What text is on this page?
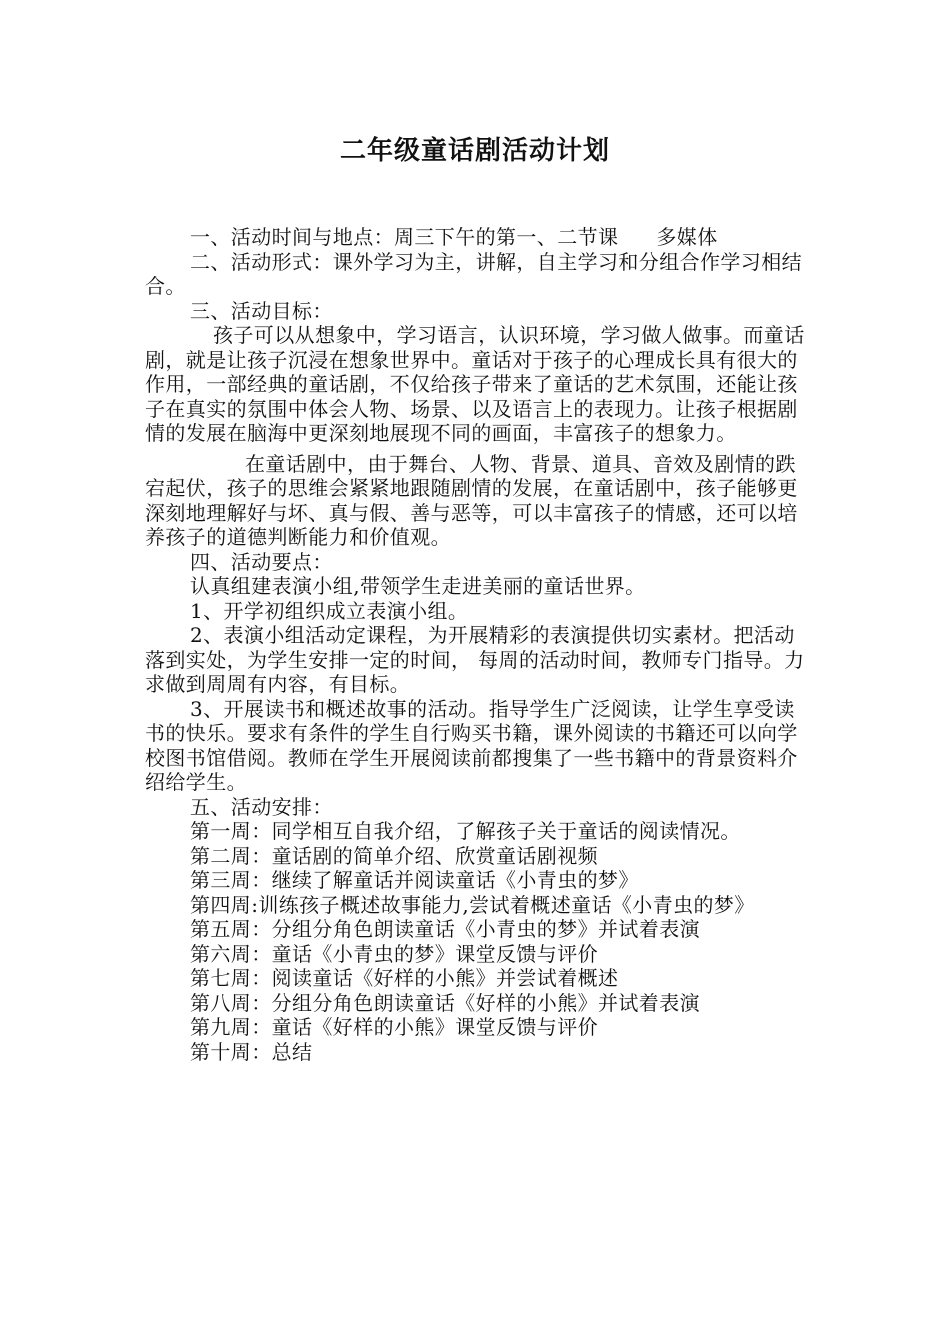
二年级童话剧活动计划

一、活动时间与地点：周三下午的第一、二节课 多媒体

二、活动形式：课外学习为主，讲解，自主学习和分组合作学习相结合。

三、活动目标：

孩子可以从想象中，学习语言，认识环境，学习做人做事。而童话剧，就是让孩子沉浸在想象世界中。童话对于孩子的心理成长具有很大的作用，一部经典的童话剧，不仅给孩子带来了童话的艺术氛围，还能让孩子在真实的氛围中体会人物、场景、以及语言上的表现力。让孩子根据剧情的发展在脑海中更深刻地展现不同的画面，丰富孩子的想象力。

在童话剧中，由于舞台、人物、背景、道具、音效及剧情的跌宕起伏，孩子的思维会紧紧地跟随剧情的发展，在童话剧中，孩子能够更深刻地理解好与坏、真与假、善与恶等，可以丰富孩子的情感，还可以培养孩子的道德判断能力和价值观。

四、活动要点：

认真组建表演小组,带领学生走进美丽的童话世界。

1、开学初组织成立表演小组。

2、表演小组活动定课程，为开展精彩的表演提供切实素材。把活动落到实处，为学生安排一定的时间， 每周的活动时间，教师专门指导。力求做到周周有内容，有目标。

3、开展读书和概述故事的活动。指导学生广泛阅读，让学生享受读书的快乐。要求有条件的学生自行购买书籍，课外阅读的书籍还可以向学校图书馆借阅。教师在学生开展阅读前都搜集了一些书籍中的背景资料介绍给学生。

五、活动安排：

第一周：同学相互自我介绍，了解孩子关于童话的阅读情况。

第二周：童话剧的简单介绍、欣赏童话剧视频

第三周：继续了解童话并阅读童话《小青虫的梦》

第四周:训练孩子概述故事能力,尝试着概述童话《小青虫的梦》

第五周：分组分角色朗读童话《小青虫的梦》并试着表演

第六周：童话《小青虫的梦》课堂反馈与评价

第七周：阅读童话《好样的小熊》并尝试着概述

第八周：分组分角色朗读童话《好样的小熊》并试着表演

第九周：童话《好样的小熊》课堂反馈与评价

第十周：总结
